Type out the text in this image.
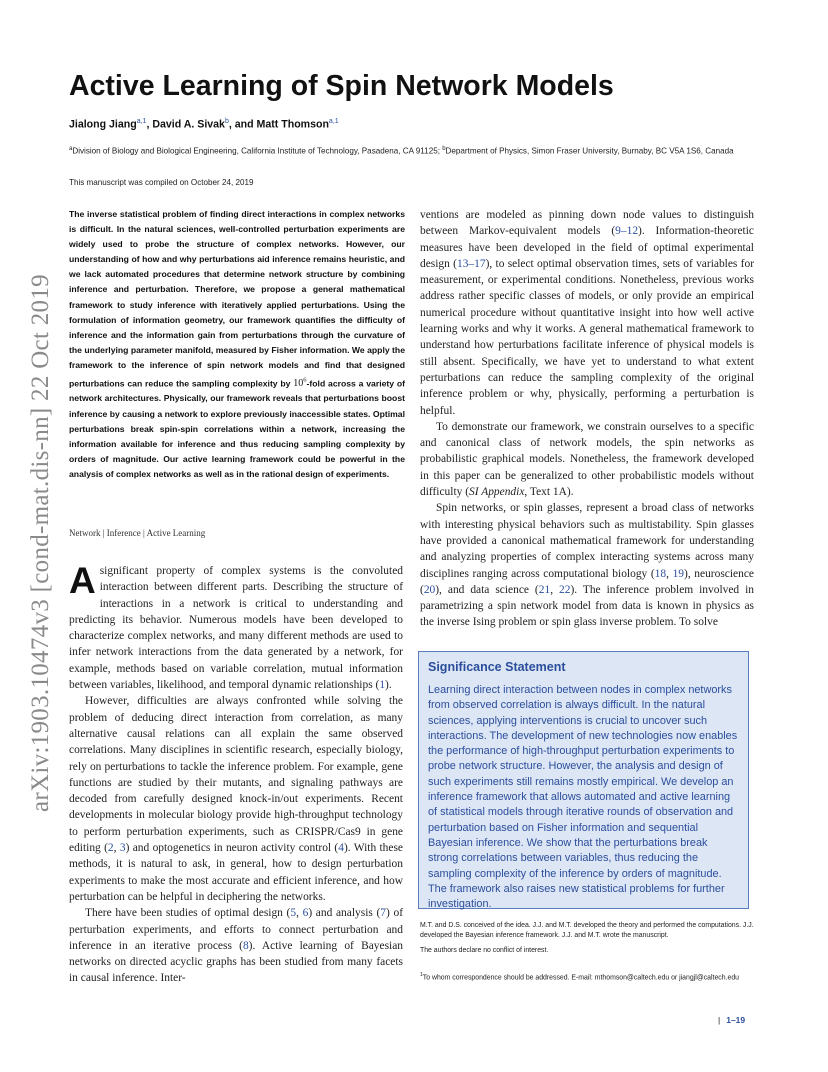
arXiv:1903.10474v3 [cond-mat.dis-nn] 22 Oct 2019
Active Learning of Spin Network Models
Jialong Jiang$^{a,1}$, David A. Sivak$^b$, and Matt Thomson$^{a,1}$
$^a$Division of Biology and Biological Engineering, California Institute of Technology, Pasadena, CA 91125; $^b$Department of Physics, Simon Fraser University, Burnaby, BC V5A 1S6, Canada
This manuscript was compiled on October 24, 2019

The inverse statistical problem of finding direct interactions in complex networks is difficult. In the natural sciences, well-controlled perturbation experiments are widely used to probe the structure of complex networks. However, our understanding of how and why perturbations aid inference remains heuristic, and we lack automated procedures that determine network structure by combining inference and perturbation. Therefore, we propose a general mathematical framework to study inference with iteratively applied perturbations. Using the formulation of information geometry, our framework quantifies the difficulty of inference and the information gain from perturbations through the curvature of the underlying parameter manifold, measured by Fisher information. We apply the framework to the inference of spin network models and find that designed perturbations can reduce the sampling complexity by $10^6$-fold across a variety of network architectures. Physically, our framework reveals that perturbations boost inference by causing a network to explore previously inaccessible states. Optimal perturbations break spin-spin correlations within a network, increasing the information available for inference and thus reducing sampling complexity by orders of magnitude. Our active learning framework could be powerful in the analysis of complex networks as well as in the rational design of experiments.

Network | Inference | Active Learning

A significant property of complex systems is the convoluted interaction between different parts. Describing the structure of interactions in a network is critical to understanding and predicting its behavior. Numerous models have been developed to characterize complex networks, and many different methods are used to infer network interactions from the data generated by a network, for example, methods based on variable correlation, mutual information between variables, likelihood, and temporal dynamic relationships (1).

However, difficulties are always confronted while solving the problem of deducing direct interaction from correlation, as many alternative causal relations can all explain the same observed correlations. Many disciplines in scientific research, especially biology, rely on perturbations to tackle the inference problem. For example, gene functions are studied by their mutants, and signaling pathways are decoded from carefully designed knock-in/out experiments. Recent developments in molecular biology provide high-throughput technology to perform perturbation experiments, such as CRISPR/Cas9 in gene editing (2, 3) and optogenetics in neuron activity control (4). With these methods, it is natural to ask, in general, how to design perturbation experiments to make the most accurate and efficient inference, and how perturbation can be helpful in deciphering the networks.

There have been studies of optimal design (5, 6) and analysis (7) of perturbation experiments, and efforts to connect perturbation and inference in an iterative process (8). Active learning of Bayesian networks on directed acyclic graphs has been studied from many facets in causal inference. Inter-

ventions are modeled as pinning down node values to distinguish between Markov-equivalent models (9–12). Information-theoretic measures have been developed in the field of optimal experimental design (13–17), to select optimal observation times, sets of variables for measurement, or experimental conditions. Nonetheless, previous works address rather specific classes of models, or only provide an empirical numerical procedure without quantitative insight into how well active learning works and why it works. A general mathematical framework to understand how perturbations facilitate inference of physical models is still absent. Specifically, we have yet to understand to what extent perturbations can reduce the sampling complexity of the original inference problem or why, physically, performing a perturbation is helpful.

To demonstrate our framework, we constrain ourselves to a specific and canonical class of network models, the spin networks as probabilistic graphical models. Nonetheless, the framework developed in this paper can be generalized to other probabilistic models without difficulty (SI Appendix, Text 1A).

Spin networks, or spin glasses, represent a broad class of networks with interesting physical behaviors such as multistability. Spin glasses have provided a canonical mathematical framework for understanding and analyzing properties of complex interacting systems across many disciplines ranging across computational biology (18, 19), neuroscience (20), and data science (21, 22). The inference problem involved in parametrizing a spin network model from data is known in physics as the inverse Ising problem or spin glass inverse problem. To solve

Significance Statement

Learning direct interaction between nodes in complex networks from observed correlation is always difficult. In the natural sciences, applying interventions is crucial to uncover such interactions. The development of new technologies now enables the performance of high-throughput perturbation experiments to probe network structure. However, the analysis and design of such experiments still remains mostly empirical. We develop an inference framework that allows automated and active learning of statistical models through iterative rounds of observation and perturbation based on Fisher information and sequential Bayesian inference. We show that the perturbations break strong correlations between variables, thus reducing the sampling complexity of the inference by orders of magnitude. The framework also raises new statistical problems for further investigation.

M.T. and D.S. conceived of the idea. J.J. and M.T. developed the theory and performed the computations. J.J. developed the Bayesian inference framework. J.J. and M.T. wrote the manuscript.

The authors declare no conflict of interest.

$^1$To whom correspondence should be addressed. E-mail: mthomson@caltech.edu or jiangjl@caltech.edu

| 1–19
